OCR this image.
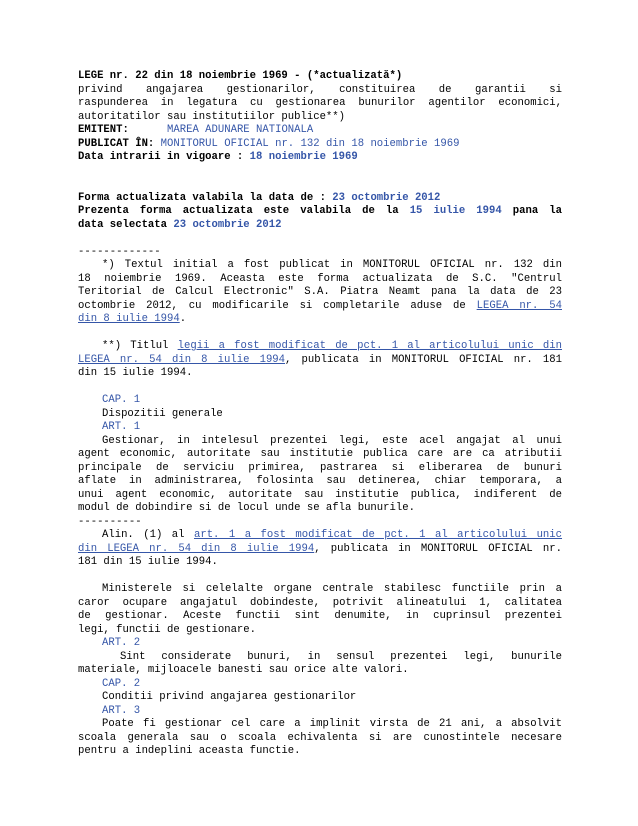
LEGE nr. 22 din 18 noiembrie 1969 - (*actualizată*)

privind angajarea gestionarilor, constituirea de garantii si

raspunderea in legatura cu gestionarea bunurilor agentilor economici,

autoritatilor sau institutiilor publice**)

EMITENT:	MAREA ADUNARE NATIONALA

PUBLICAT ÎN: MONITORUL OFICIAL nr. 132 din 18 noiembrie 1969

Data intrarii in vigoare : 18 noiembrie 1969

Forma actualizata valabila la data de : 23 octombrie 2012

Prezenta forma actualizata este valabila de la 15 iulie 1994 pana la

data selectata 23 octombrie 2012

-------------

*) Textul initial a fost publicat in MONITORUL OFICIAL nr. 132 din

18 noiembrie 1969. Aceasta este forma actualizata de S.C. "Centrul

Teritorial de Calcul Electronic" S.A. Piatra Neamt pana la data de 23

octombrie 2012, cu modificarile si completarile aduse de LEGEA nr. 54

din 8 iulie 1994.

**) Titlul legii a fost modificat de pct. 1 al articolului unic din

LEGEA nr. 54 din 8 iulie 1994, publicata in MONITORUL OFICIAL nr. 181

din 15 iulie 1994.

CAP. 1

Dispozitii generale

ART. 1

Gestionar, in intelesul prezentei legi, este acel angajat al unui

agent economic, autoritate sau institutie publica care are ca atributii

principale de serviciu primirea, pastrarea si eliberarea de bunuri

aflate in administrarea, folosinta sau detinerea, chiar temporara, a

unui agent economic, autoritate sau institutie publica, indiferent de

modul de dobindire si de locul unde se afla bunurile.

----------

Alin. (1) al art. 1 a fost modificat de pct. 1 al articolului unic

din LEGEA nr. 54 din 8 iulie 1994, publicata in MONITORUL OFICIAL nr.

181 din 15 iulie 1994.

Ministerele si celelalte organe centrale stabilesc functiile prin a

caror ocupare angajatul dobindeste, potrivit alineatului 1, calitatea

de gestionar. Aceste functii sint denumite, in cuprinsul prezentei

legi, functii de gestionare.

ART. 2

Sint considerate bunuri, in sensul prezentei legi, bunurile

materiale, mijloacele banesti sau orice alte valori.

CAP. 2

Conditii privind angajarea gestionarilor

ART. 3

Poate fi gestionar cel care a implinit virsta de 21 ani, a absolvit

scoala generala sau o scoala echivalenta si are cunostintele necesare

pentru a indeplini aceasta functie.
